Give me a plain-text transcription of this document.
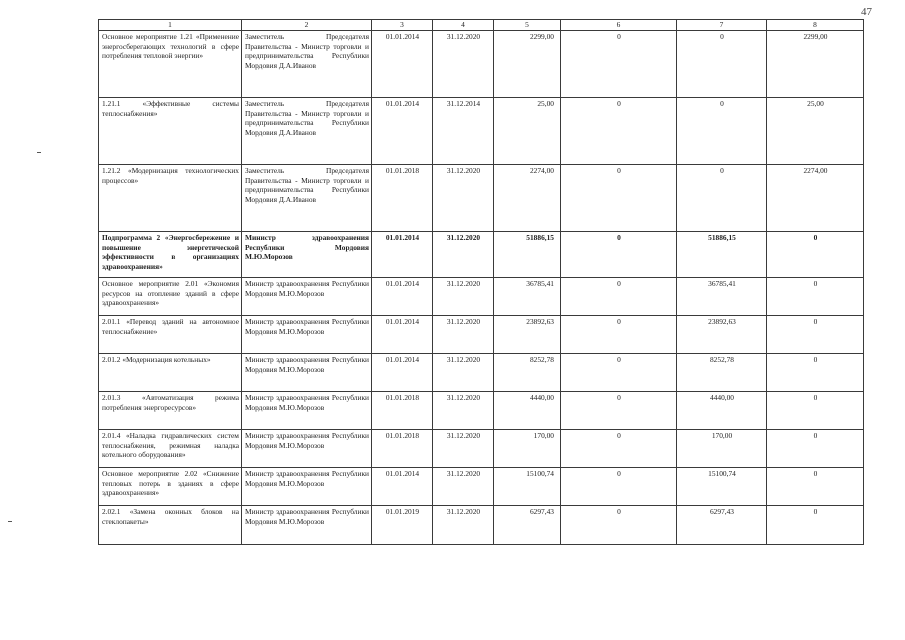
47
1	2	3	4	5	6	7	8
Основное мероприятие 1.21 «Применение энергосберегающих технологий в сфере потребления тепловой энергии»	Заместитель Председателя Правительства - Министр торговли и предпринимательства Республики Мордовия Д.А.Иванов	01.01.2014	31.12.2020	2299,00	0	0	2299,00
1.21.1 «Эффективные системы теплоснабжения»	Заместитель Председателя Правительства - Министр торговли и предпринимательства Республики Мордовия Д.А.Иванов	01.01.2014	31.12.2014	25,00	0	0	25,00
1.21.2 «Модернизация технологических процессов»	Заместитель Председателя Правительства - Министр торговли и предпринимательства Республики Мордовия Д.А.Иванов	01.01.2018	31.12.2020	2274,00	0	0	2274,00
Подпрограмма 2 «Энергосбережение и повышение энергетической эффективности в организациях здравоохранения»	Министр здравоохранения Республики Мордовия М.Ю.Морозов	01.01.2014	31.12.2020	51886,15	0	51886,15	0
Основное мероприятие 2.01 «Экономия ресурсов на отопление зданий в сфере здравоохранения»	Министр здравоохранения Республики Мордовия М.Ю.Морозов	01.01.2014	31.12.2020	36785,41	0	36785,41	0
2.01.1 «Перевод зданий на автономное теплоснабжение»	Министр здравоохранения Республики Мордовия М.Ю.Морозов	01.01.2014	31.12.2020	23892,63	0	23892,63	0
2.01.2 «Модернизация котельных»	Министр здравоохранения Республики Мордовия М.Ю.Морозов	01.01.2014	31.12.2020	8252,78	0	8252,78	0
2.01.3 «Автоматизация режима потребления энергоресурсов»	Министр здравоохранения Республики Мордовия М.Ю.Морозов	01.01.2018	31.12.2020	4440,00	0	4440,00	0
2.01.4 «Наладка гидравлических систем теплоснабжения, режимная наладка котельного оборудования»	Министр здравоохранения Республики Мордовия М.Ю.Морозов	01.01.2018	31.12.2020	170,00	0	170,00	0
Основное мероприятие 2.02 «Снижение тепловых потерь в зданиях в сфере здравоохранения»	Министр здравоохранения Республики Мордовия М.Ю.Морозов	01.01.2014	31.12.2020	15100,74	0	15100,74	0
2.02.1 «Замена оконных блоков на стеклопакеты»	Министр здравоохранения Республики Мордовия М.Ю.Морозов	01.01.2019	31.12.2020	6297,43	0	6297,43	0
